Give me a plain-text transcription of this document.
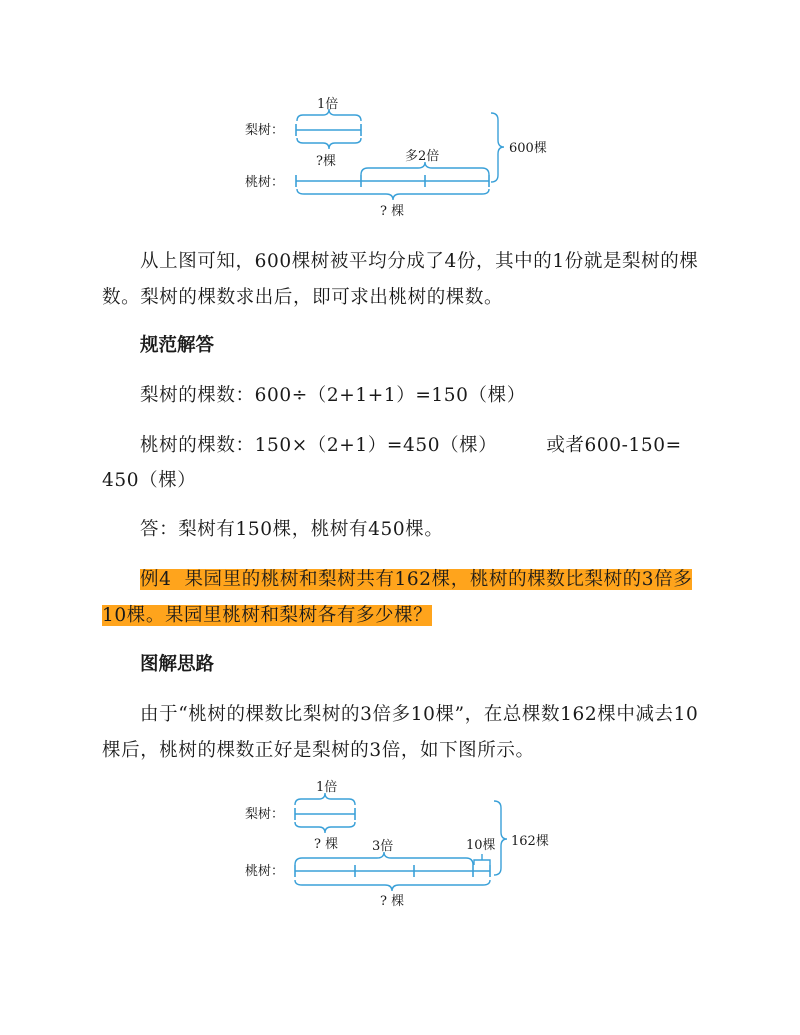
1倍
梨树：
?棵	多2倍
桃树：
? 棵
600棵

从上图可知，600棵树被平均分成了4份，其中的1份就是梨树的棵数。梨树的棵数求出后，即可求出桃树的棵数。

规范解答

梨树的棵数：600÷（2+1+1）=150（棵）

桃树的棵数：150×（2+1）=450（棵）	或者600-150=

450（棵）

答：梨树有150棵，桃树有450棵。

例4 果园里的桃树和梨树共有162棵，桃树的棵数比梨树的3倍多10棵。果园里桃树和梨树各有多少棵？

图解思路

由于“桃树的棵数比梨树的3倍多10棵”，在总棵数162棵中减去10棵后，桃树的棵数正好是梨树的3倍，如下图所示。

1倍
梨树：
? 棵	3倍	10棵
桃树：
? 棵
162棵
